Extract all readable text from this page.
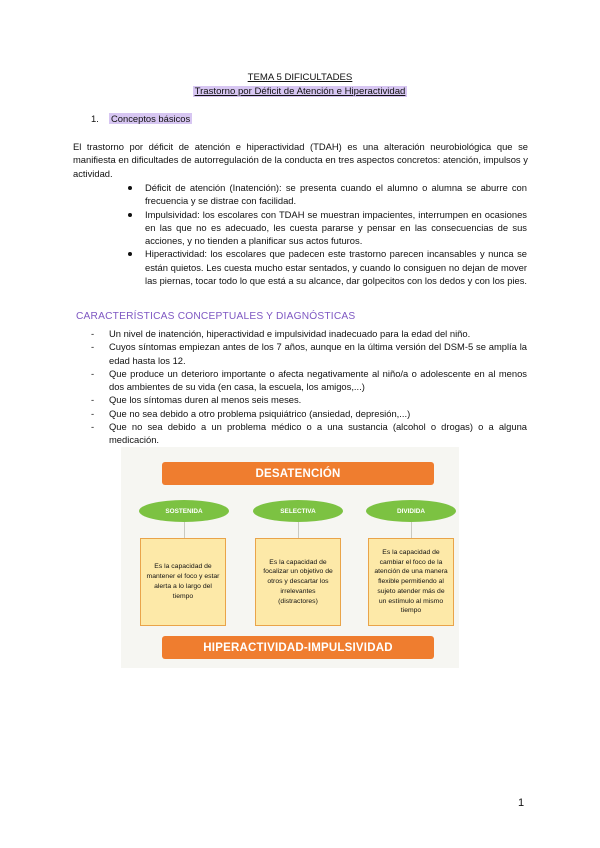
TEMA 5 DIFICULTADES
Trastorno por Déficit de Atención e Hiperactividad
1. Conceptos básicos

El trastorno por déficit de atención e hiperactividad (TDAH) es una alteración neurobiológica que se manifiesta en dificultades de autorregulación de la conducta en tres aspectos concretos: atención, impulsos y actividad.

Déficit de atención (Inatención): se presenta cuando el alumno o alumna se aburre con frecuencia y se distrae con facilidad.
Impulsividad: los escolares con TDAH se muestran impacientes, interrumpen en ocasiones en las que no es adecuado, les cuesta pararse y pensar en las consecuencias de sus acciones, y no tienden a planificar sus actos futuros.
Hiperactividad: los escolares que padecen este trastorno parecen incansables y nunca se están quietos. Les cuesta mucho estar sentados, y cuando lo consiguen no dejan de mover las piernas, tocar todo lo que está a su alcance, dar golpecitos con los dedos y con los pies.
CARACTERÍSTICAS CONCEPTUALES Y DIAGNÓSTICAS
- Un nivel de inatención, hiperactividad e impulsividad inadecuado para la edad del niño.
- Cuyos síntomas empiezan antes de los 7 años, aunque en la última versión del DSM-5 se amplía la edad hasta los 12.
- Que produce un deterioro importante o afecta negativamente al niño/a o adolescente en al menos dos ambientes de su vida (en casa, la escuela, los amigos,...)
- Que los síntomas duren al menos seis meses.
- Que no sea debido a otro problema psiquiátrico (ansiedad, depresión,...)
- Que no sea debido a un problema médico o a una sustancia (alcohol o drogas) o a alguna medicación.
DESATENCIÓN
SOSTENIDA	SELECTIVA	DIVIDIDA
Es la capacidad de mantener el foco y estar alerta a lo largo del tiempo
Es la capacidad de focalizar un objetivo de otros y descartar los irrelevantes (distractores)
Es la capacidad de cambiar el foco de la atención de una manera flexible permitiendo al sujeto atender más de un estímulo al mismo tiempo
HIPERACTIVIDAD-IMPULSIVIDAD
1
